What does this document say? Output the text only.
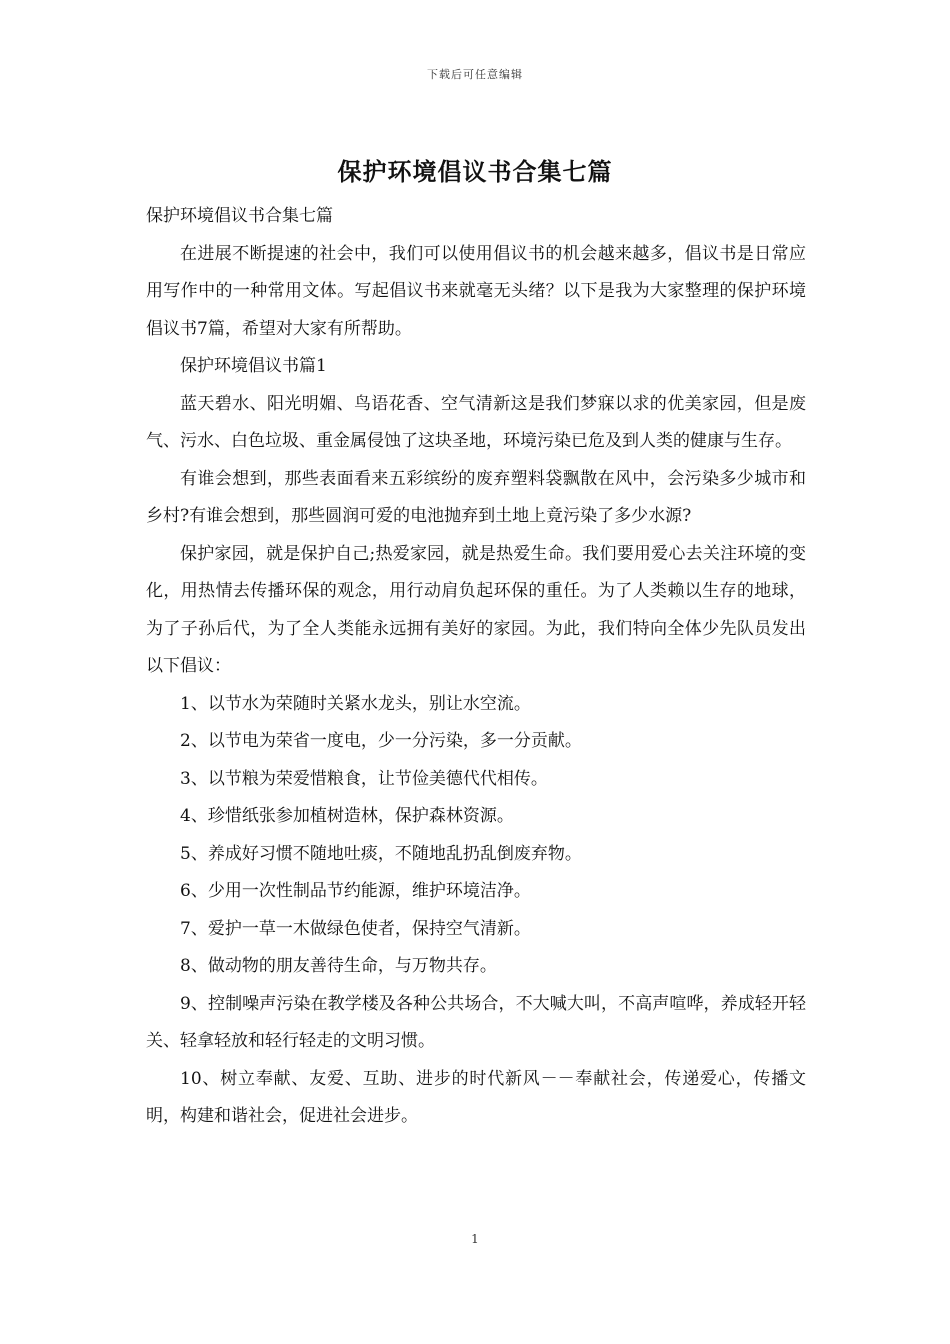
下载后可任意编辑
保护环境倡议书合集七篇

保护环境倡议书合集七篇

在进展不断提速的社会中，我们可以使用倡议书的机会越来越多，倡议书是日常应用写作中的一种常用文体。写起倡议书来就毫无头绪？以下是我为大家整理的保护环境倡议书7篇，希望对大家有所帮助。

保护环境倡议书篇1

蓝天碧水、阳光明媚、鸟语花香、空气清新这是我们梦寐以求的优美家园，但是废气、污水、白色垃圾、重金属侵蚀了这块圣地，环境污染已危及到人类的健康与生存。

有谁会想到，那些表面看来五彩缤纷的废弃塑料袋飘散在风中，会污染多少城市和乡村?有谁会想到，那些圆润可爱的电池抛弃到土地上竟污染了多少水源?

保护家园，就是保护自己;热爱家园，就是热爱生命。我们要用爱心去关注环境的变化，用热情去传播环保的观念，用行动肩负起环保的重任。为了人类赖以生存的地球，为了子孙后代，为了全人类能永远拥有美好的家园。为此，我们特向全体少先队员发出以下倡议：

1、以节水为荣随时关紧水龙头，别让水空流。

2、以节电为荣省一度电，少一分污染，多一分贡献。

3、以节粮为荣爱惜粮食，让节俭美德代代相传。

4、珍惜纸张参加植树造林，保护森林资源。

5、养成好习惯不随地吐痰，不随地乱扔乱倒废弃物。

6、少用一次性制品节约能源，维护环境洁净。

7、爱护一草一木做绿色使者，保持空气清新。

8、做动物的朋友善待生命，与万物共存。

9、控制噪声污染在教学楼及各种公共场合，不大喊大叫，不高声喧哗，养成轻开轻关、轻拿轻放和轻行轻走的文明习惯。

10、树立奉献、友爱、互助、进步的时代新风－－奉献社会，传递爱心，传播文明，构建和谐社会，促进社会进步。

1
